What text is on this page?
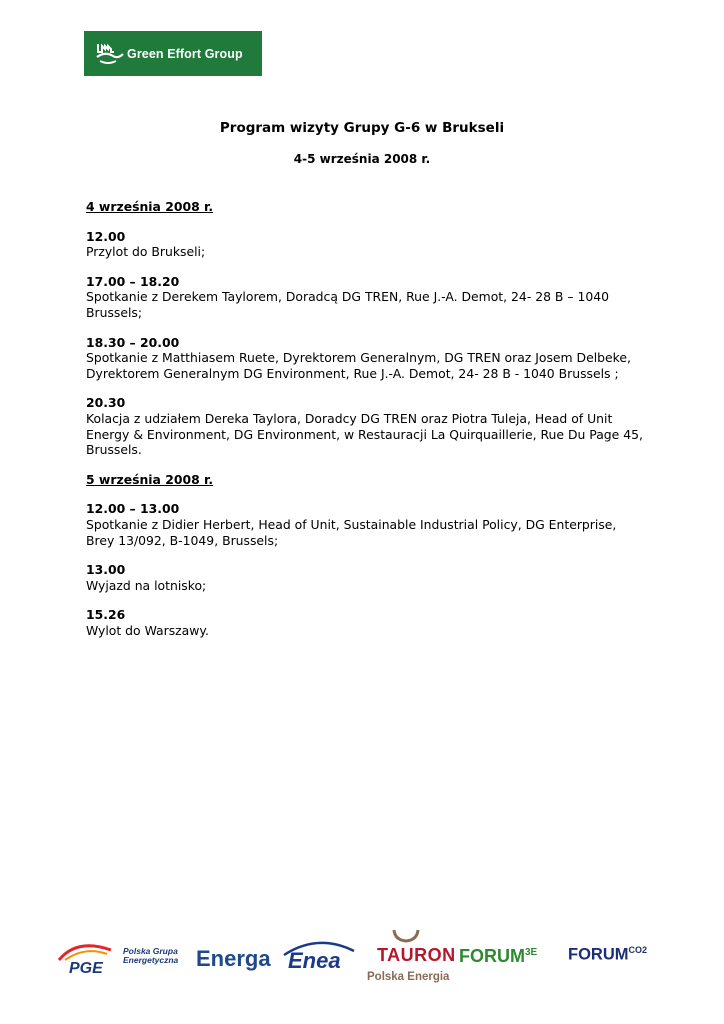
Green Effort Group
Program wizyty Grupy G-6 w Brukseli
4-5 września 2008 r.
4 września 2008 r.
12.00
Przylot do Brukseli;
17.00 – 18.20
Spotkanie z Derekem Taylorem, Doradcą DG TREN, Rue J.-A. Demot, 24- 28 B – 1040 Brussels;
18.30 – 20.00
Spotkanie z Matthiasem Ruete, Dyrektorem Generalnym, DG TREN oraz Josem Delbeke, Dyrektorem Generalnym DG Environment, Rue J.-A. Demot, 24- 28 B - 1040 Brussels ;
20.30
Kolacja z udziałem Dereka Taylora, Doradcy DG TREN oraz Piotra Tuleja, Head of Unit Energy & Environment, DG Environment, w Restauracji La Quirquaillerie, Rue Du Page 45, Brussels.
5 września 2008 r.
12.00 – 13.00
Spotkanie z Didier Herbert, Head of Unit, Sustainable Industrial Policy, DG Enterprise, Brey 13/092, B-1049, Brussels;
13.00
Wyjazd na lotnisko;
15.26
Wylot do Warszawy.
PGE
Polska Grupa
Energetyczna Energa Enea TAURON
Polska Energia
$FORUM^{3E}$ $FORUM^{CO2}$
